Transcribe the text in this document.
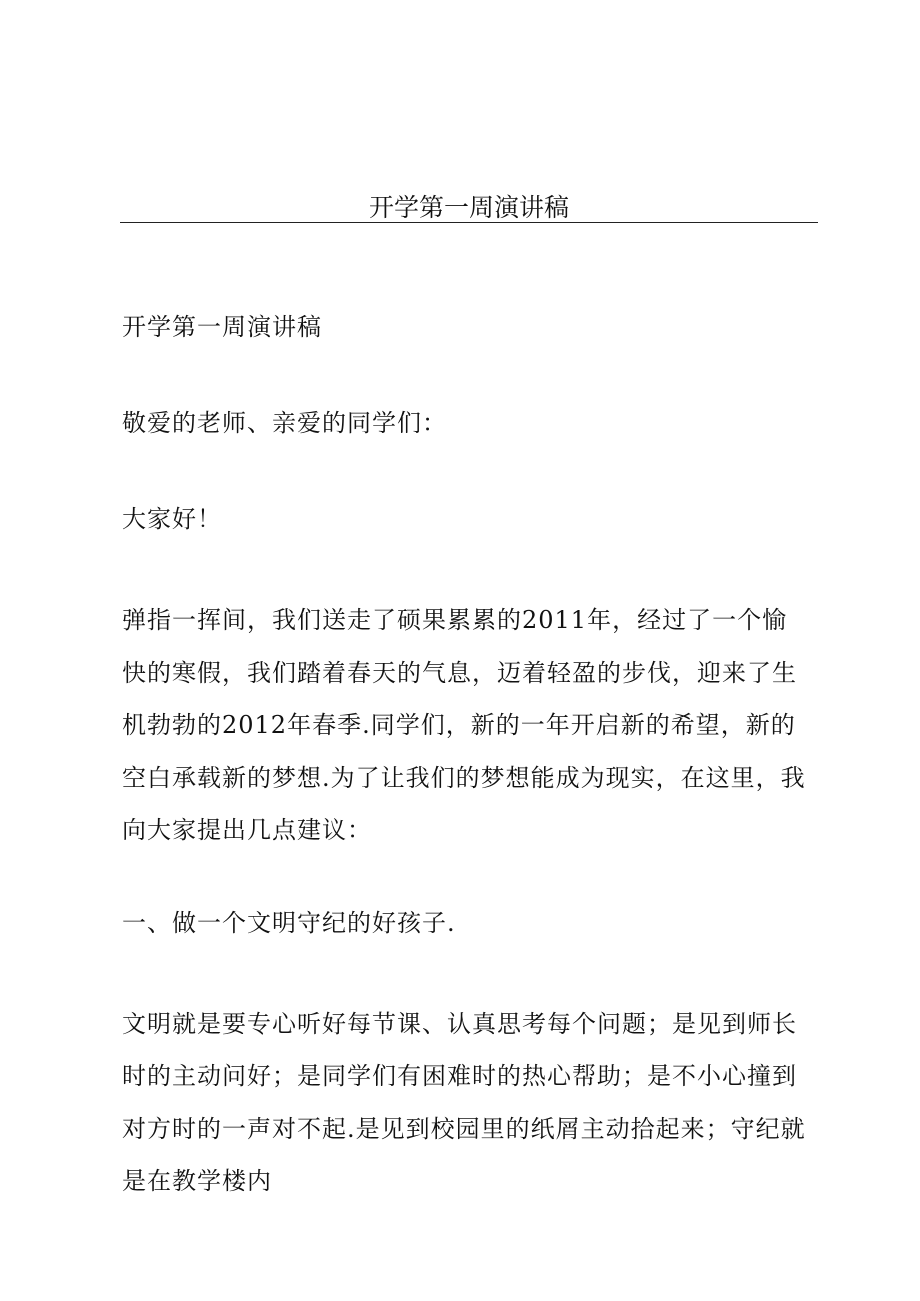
开学第一周演讲稿

开学第一周演讲稿

敬爱的老师、亲爱的同学们：

大家好！

弹指一挥间，我们送走了硕果累累的2011年，经过了一个愉快的寒假，我们踏着春天的气息，迈着轻盈的步伐，迎来了生机勃勃的2012年春季.同学们，新的一年开启新的希望，新的空白承载新的梦想.为了让我们的梦想能成为现实，在这里，我向大家提出几点建议：

一、做一个文明守纪的好孩子.

文明就是要专心听好每节课、认真思考每个问题；是见到师长时的主动问好；是同学们有困难时的热心帮助；是不小心撞到对方时的一声对不起.是见到校园里的纸屑主动拾起来；守纪就是在教学楼内
